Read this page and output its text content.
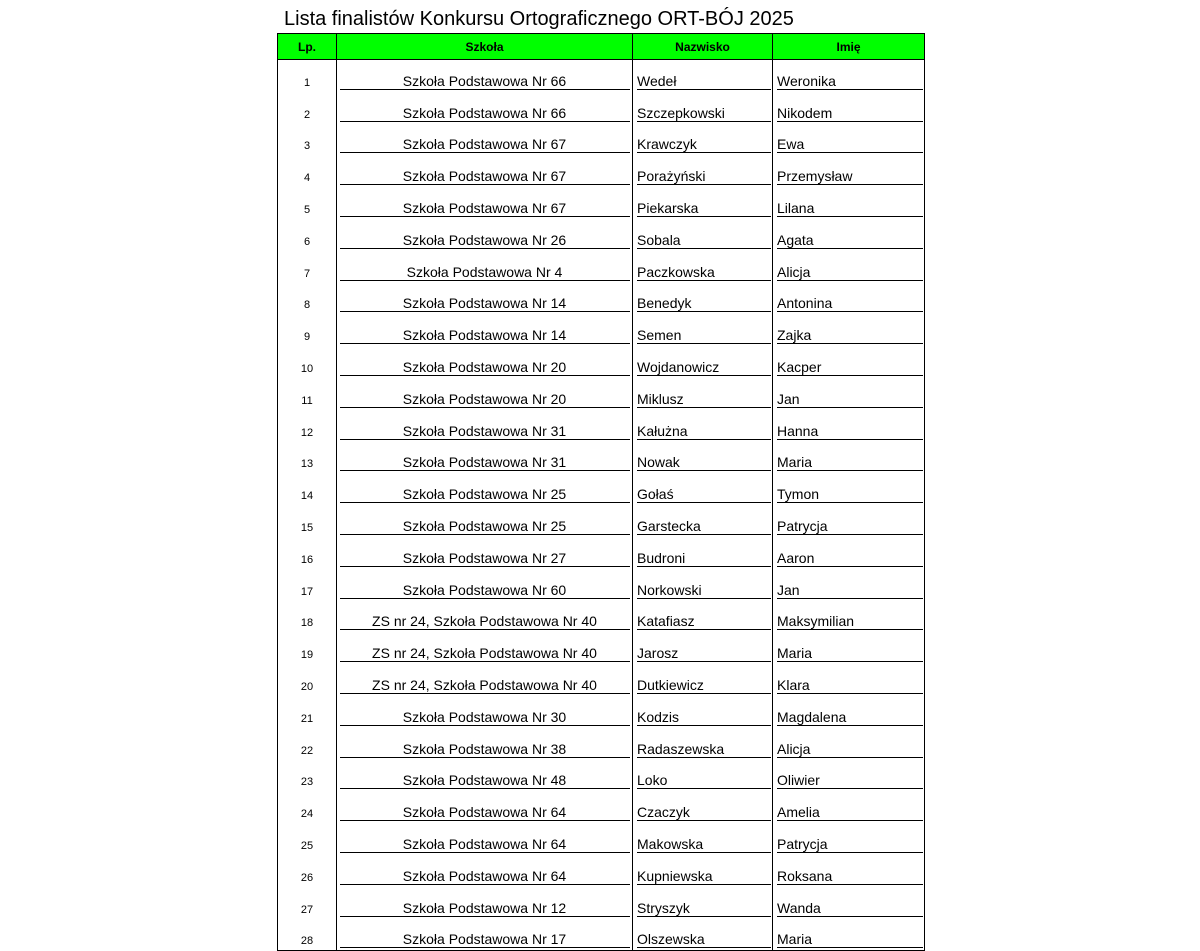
Lista finalistów Konkursu Ortograficznego ORT-BÓJ 2025
Lp.	Szkoła	Nazwisko	Imię
1	Szkoła Podstawowa Nr 66	Wedeł	Weronika
2	Szkoła Podstawowa Nr 66	Szczepkowski	Nikodem
3	Szkoła Podstawowa Nr 67	Krawczyk	Ewa
4	Szkoła Podstawowa Nr 67	Porażyński	Przemysław
5	Szkoła Podstawowa Nr 67	Piekarska	Lilana
6	Szkoła Podstawowa Nr 26	Sobala	Agata
7	Szkoła Podstawowa Nr 4	Paczkowska	Alicja
8	Szkoła Podstawowa Nr 14	Benedyk	Antonina
9	Szkoła Podstawowa Nr 14	Semen	Zajka
10	Szkoła Podstawowa Nr 20	Wojdanowicz	Kacper
11	Szkoła Podstawowa Nr 20	Miklusz	Jan
12	Szkoła Podstawowa Nr 31	Kałużna	Hanna
13	Szkoła Podstawowa Nr 31	Nowak	Maria
14	Szkoła Podstawowa Nr 25	Gołaś	Tymon
15	Szkoła Podstawowa Nr 25	Garstecka	Patrycja
16	Szkoła Podstawowa Nr 27	Budroni	Aaron
17	Szkoła Podstawowa Nr 60	Norkowski	Jan
18	ZS nr 24, Szkoła Podstawowa Nr 40	Katafiasz	Maksymilian
19	ZS nr 24, Szkoła Podstawowa Nr 40	Jarosz	Maria
20	ZS nr 24, Szkoła Podstawowa Nr 40	Dutkiewicz	Klara
21	Szkoła Podstawowa Nr 30	Kodzis	Magdalena
22	Szkoła Podstawowa Nr 38	Radaszewska	Alicja
23	Szkoła Podstawowa Nr 48	Loko	Oliwier
24	Szkoła Podstawowa Nr 64	Czaczyk	Amelia
25	Szkoła Podstawowa Nr 64	Makowska	Patrycja
26	Szkoła Podstawowa Nr 64	Kupniewska	Roksana
27	Szkoła Podstawowa Nr 12	Stryszyk	Wanda
28	Szkoła Podstawowa Nr 17	Olszewska	Maria
